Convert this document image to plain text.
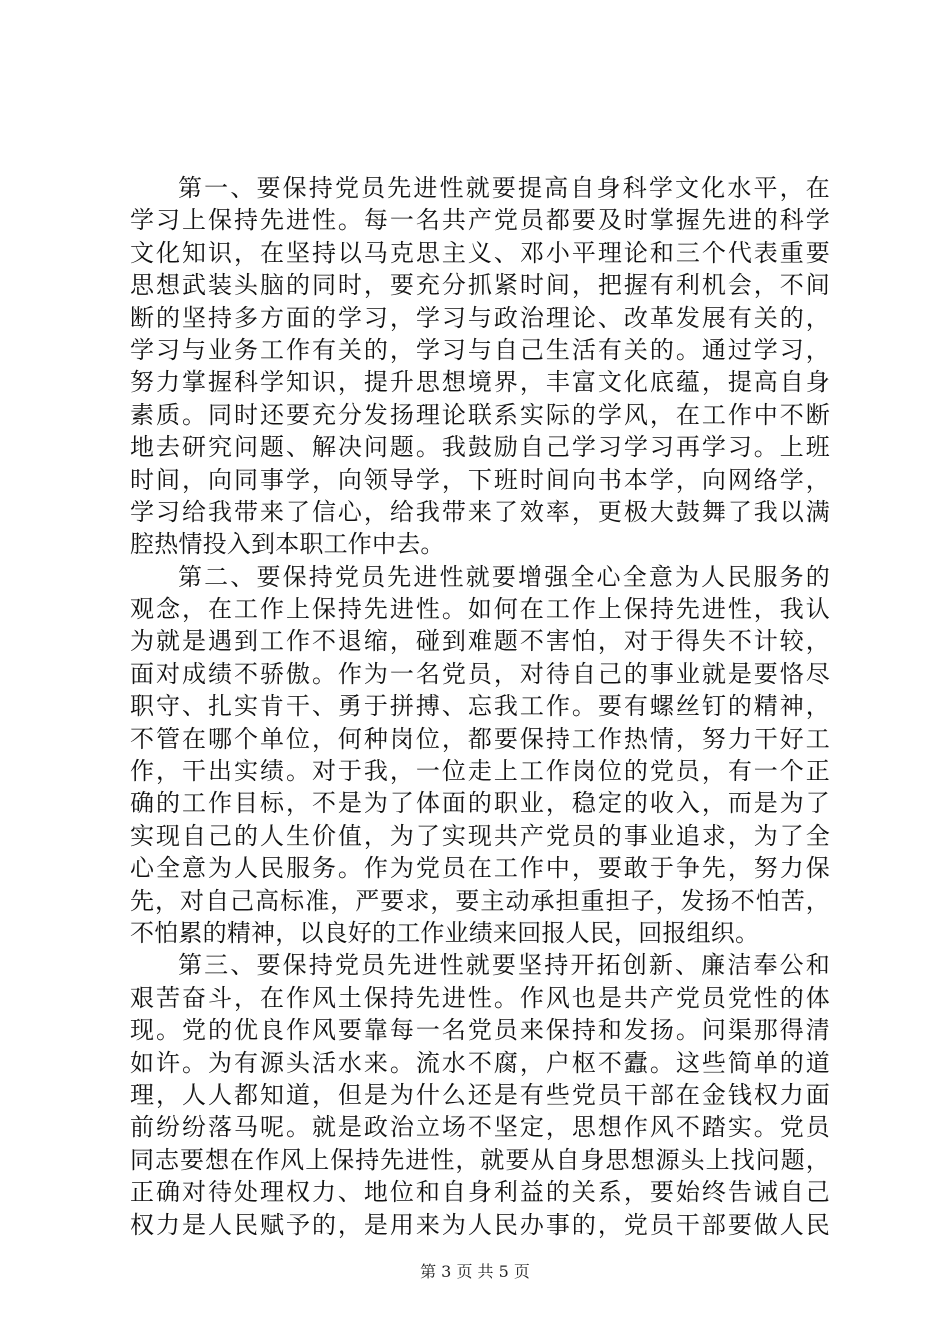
第一、要保持党员先进性就要提高自身科学文化水平，在
学习上保持先进性。每一名共产党员都要及时掌握先进的科学
文化知识，在坚持以马克思主义、邓小平理论和三个代表重要
思想武装头脑的同时，要充分抓紧时间，把握有利机会，不间
断的坚持多方面的学习，学习与政治理论、改革发展有关的，
学习与业务工作有关的，学习与自己生活有关的。通过学习，
努力掌握科学知识，提升思想境界，丰富文化底蕴，提高自身
素质。同时还要充分发扬理论联系实际的学风，在工作中不断
地去研究问题、解决问题。我鼓励自己学习学习再学习。上班
时间，向同事学，向领导学，下班时间向书本学，向网络学，
学习给我带来了信心，给我带来了效率，更极大鼓舞了我以满
腔热情投入到本职工作中去。
第二、要保持党员先进性就要增强全心全意为人民服务的
观念，在工作上保持先进性。如何在工作上保持先进性，我认
为就是遇到工作不退缩，碰到难题不害怕，对于得失不计较，
面对成绩不骄傲。作为一名党员，对待自己的事业就是要恪尽
职守、扎实肯干、勇于拼搏、忘我工作。要有螺丝钉的精神，
不管在哪个单位，何种岗位，都要保持工作热情，努力干好工
作，干出实绩。对于我，一位走上工作岗位的党员，有一个正
确的工作目标，不是为了体面的职业，稳定的收入，而是为了
实现自己的人生价值，为了实现共产党员的事业追求，为了全
心全意为人民服务。作为党员在工作中，要敢于争先，努力保
先，对自己高标准，严要求，要主动承担重担子，发扬不怕苦，
不怕累的精神，以良好的工作业绩来回报人民，回报组织。
第三、要保持党员先进性就要坚持开拓创新、廉洁奉公和
艰苦奋斗，在作风土保持先进性。作风也是共产党员党性的体
现。党的优良作风要靠每一名党员来保持和发扬。问渠那得清
如许。为有源头活水来。流水不腐，户枢不蠹。这些简单的道
理，人人都知道，但是为什么还是有些党员干部在金钱权力面
前纷纷落马呢。就是政治立场不坚定，思想作风不踏实。党员
同志要想在作风上保持先进性，就要从自身思想源头上找问题，
正确对待处理权力、地位和自身利益的关系，要始终告诫自己
权力是人民赋予的，是用来为人民办事的，党员干部要做人民
第 3 页 共 5 页
